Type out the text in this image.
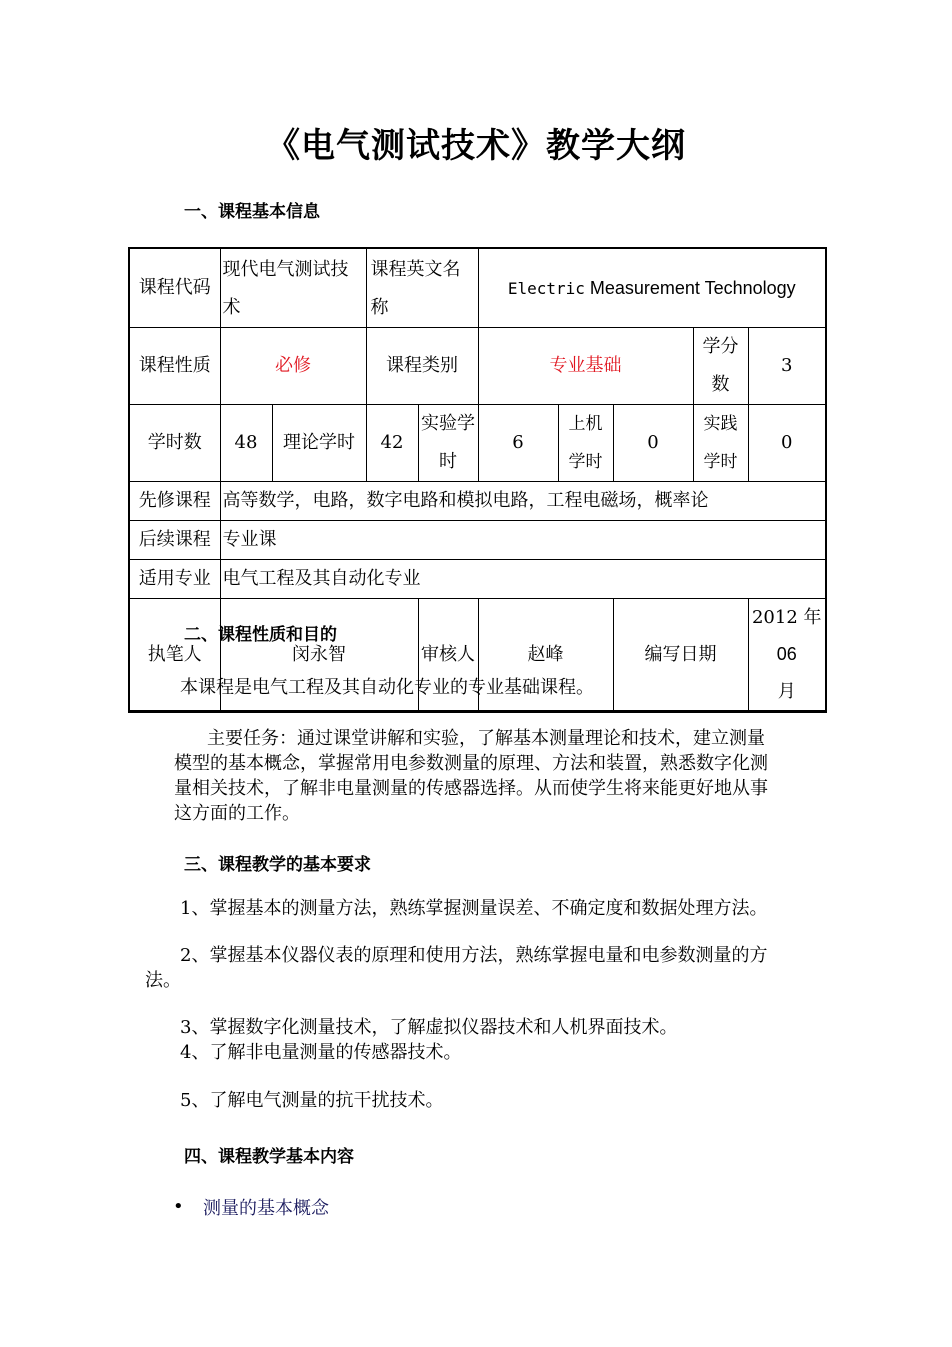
《电气测试技术》教学大纲
一、课程基本信息
课程代码	现代电气测试技术		课程英文名称		Electric Measurement Technology				
课程性质	必修		课程类别		专业基础			学分数	3
学时数	48	理论学时	42	实验学时	6	上机学时	0	实践学时	0
先修课程	高等数学，电路，数字电路和模拟电路，工程电磁场，概率论								
后续课程	专业课								
适用专业	电气工程及其自动化专业								
执笔人	闵永智			审核人	赵峰		编写日期		2012 年 06
月
二、课程性质和目的
本课程是电气工程及其自动化专业的专业基础课程。
主要任务：通过课堂讲解和实验，了解基本测量理论和技术，建立测量
模型的基本概念，掌握常用电参数测量的原理、方法和装置，熟悉数字化测
量相关技术，了解非电量测量的传感器选择。从而使学生将来能更好地从事
这方面的工作。
三、课程教学的基本要求
1、掌握基本的测量方法，熟练掌握测量误差、不确定度和数据处理方法。
2、掌握基本仪器仪表的原理和使用方法，熟练掌握电量和电参数测量的方
法。
3、掌握数字化测量技术，了解虚拟仪器技术和人机界面技术。
4、了解非电量测量的传感器技术。
5、了解电气测量的抗干扰技术。
四、课程教学基本内容
• 测量的基本概念
